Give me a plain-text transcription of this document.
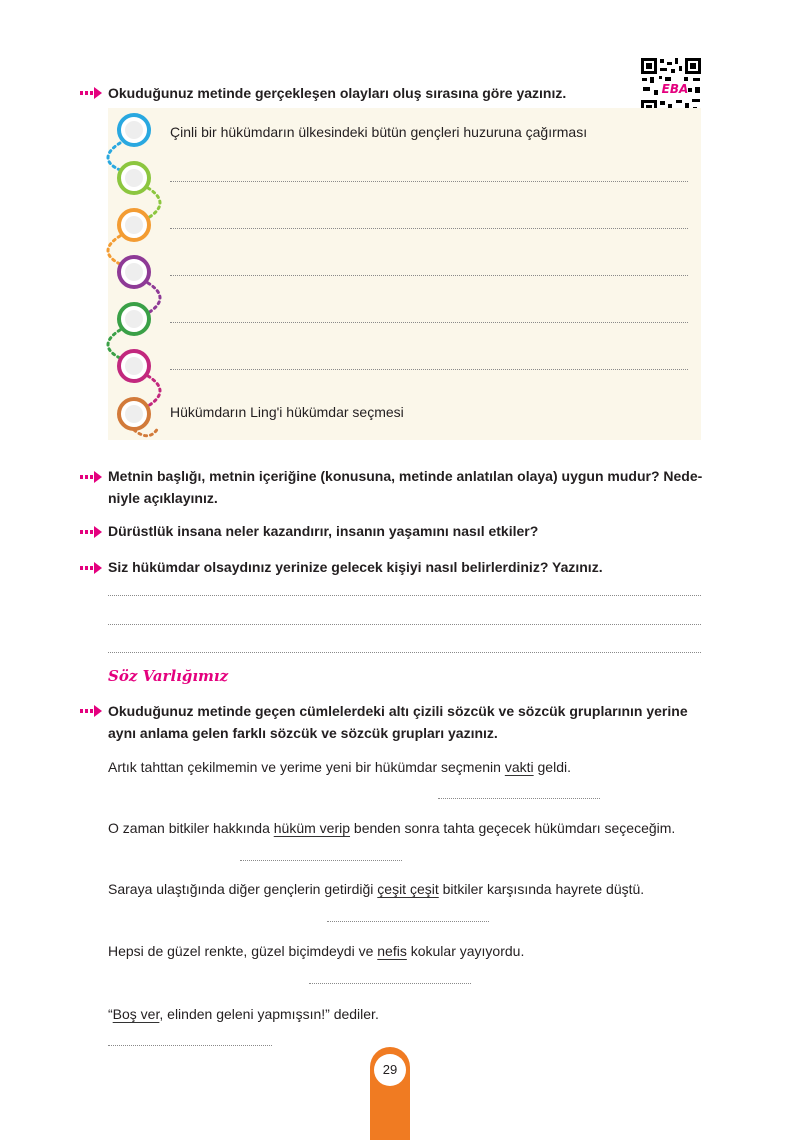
Okuduğunuz metinde gerçekleşen olayları oluş sırasına göre yazınız.	EBA
Çinli bir hükümdarın ülkesindeki bütün gençleri huzuruna çağırması
Hükümdarın Ling'i hükümdar seçmesi
Metnin başlığı, metnin içeriğine (konusuna, metinde anlatılan olaya) uygun mudur? Nede-
niyle açıklayınız.
Dürüstlük insana neler kazandırır, insanın yaşamını nasıl etkiler?
Siz hükümdar olsaydınız yerinize gelecek kişiyi nasıl belirlerdiniz? Yazınız.
Söz Varlığımız
Okuduğunuz metinde geçen cümlelerdeki altı çizili sözcük ve sözcük gruplarının yerine
aynı anlama gelen farklı sözcük ve sözcük grupları yazınız.
Artık tahttan çekilmemin ve yerime yeni bir hükümdar seçmenin vakti geldi.
O zaman bitkiler hakkında hüküm verip benden sonra tahta geçecek hükümdarı seçeceğim.
Saraya ulaştığında diğer gençlerin getirdiği çeşit çeşit bitkiler karşısında hayrete düştü.
Hepsi de güzel renkte, güzel biçimdeydi ve nefis kokular yayıyordu.
“Boş ver, elinden geleni yapmışsın!” dediler.
29
